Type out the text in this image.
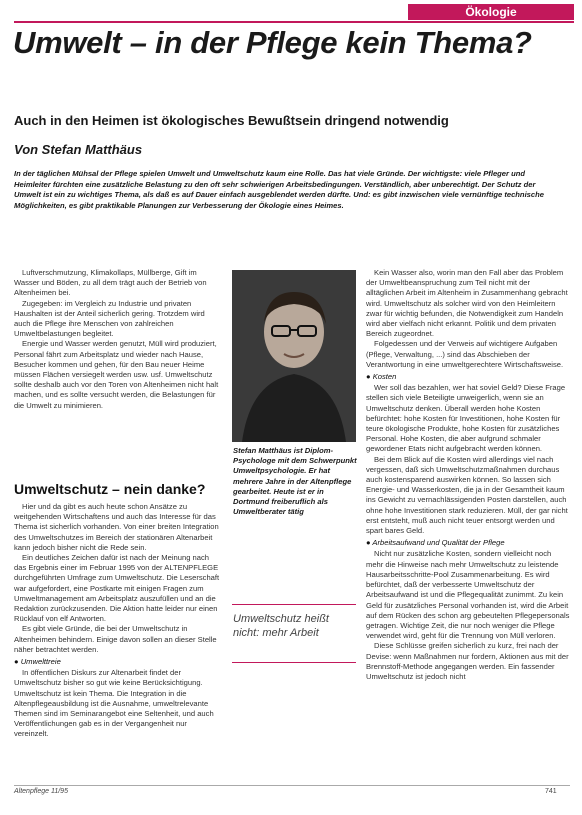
Ökologie
Umwelt – in der Pflege kein Thema?

Auch in den Heimen ist ökologisches Bewußtsein dringend notwendig

Von Stefan Matthäus

In der täglichen Mühsal der Pflege spielen Umwelt und Umweltschutz kaum eine Rolle. Das hat viele Gründe. Der wichtigste: viele Pfleger und Heimleiter fürchten eine zusätzliche Belastung zu den oft sehr schwierigen Arbeitsbedingungen. Verständlich, aber unberechtigt. Der Schutz der Umwelt ist ein zu wichtiges Thema, als daß es auf Dauer einfach ausgeblendet werden dürfte. Und: es gibt inzwischen viele vernünftige technische Möglichkeiten, es gibt praktikable Planungen zur Verbesserung der Ökologie eines Heimes.

Luftverschmutzung, Klimakollaps, Müllberge, Gift im Wasser und Böden, zu all dem trägt auch der Betrieb von Altenheimen bei.

Zugegeben: im Vergleich zu Industrie und privaten Haushalten ist der Anteil sicherlich gering. Trotzdem wird auch die Pflege ihre Menschen von zahlreichen Umweltbelastungen begleitet.

Energie und Wasser werden genutzt, Müll wird produziert, Personal fährt zum Arbeitsplatz und wieder nach Hause, Besucher kommen und gehen, für den Bau neuer Heime müssen Flächen versiegelt werden usw. usf. Umweltschutz sollte deshalb auch vor den Toren von Altenheimen nicht halt machen, und es sollte versucht werden, die Belastungen für die Umwelt zu minimieren.

Umweltschutz – nein danke?

Hier und da gibt es auch heute schon Ansätze zu weitgehenden Wirtschaftens und auch das Interesse für das Thema ist sicherlich vorhanden. Von einer breiten Integration des Umweltschutzes im Bereich der stationären Altenarbeit kann jedoch bisher nicht die Rede sein.

Ein deutliches Zeichen dafür ist nach der Meinung nach das Ergebnis einer im Februar 1995 von der ALTENPFLEGE durchgeführten Umfrage zum Umweltschutz. Die Leserschaft war aufgefordert, eine Postkarte mit einigen Fragen zum Umweltmanagement am Arbeitsplatz auszufüllen und an die Redaktion zurückzusenden. Die Aktion hatte leider nur einen Rücklauf von elf Antworten.

Es gibt viele Gründe, die bei der Umweltschutz in Altenheimen behindern. Einige davon sollen an dieser Stelle näher betrachtet werden.

● Umwelttreie

In öffentlichen Diskurs zur Altenarbeit findet der Umweltschutz bisher so gut wie keine Berücksichtigung. Umweltschutz ist kein Thema. Die Integration in die Altenpflegeausbildung ist die Ausnahme, umweltrelevante Themen sind im Seminarangebot eine Seltenheit, und auch Veröffentlichungen gab es in der Vergangenheit nur vereinzelt.

Stefan Matthäus ist Diplom-Psychologe mit dem Schwerpunkt Umweltpsychologie. Er hat mehrere Jahre in der Altenpflege gearbeitet. Heute ist er in Dortmund freiberuflich als Umweltberater tätig

Umweltschutz heißt nicht: mehr Arbeit

Kein Wasser also, worin man den Fall aber das Problem der Umweltbeanspruchung zum Teil nicht mit der alltäglichen Arbeit im Altenheim in Zusammenhang gebracht wird. Umweltschutz als solcher wird von den Heimleitern zwar für wichtig befunden, die Notwendigkeit zum Handeln wird aber vielfach nicht erkannt. Politik und dem privaten Bereich zugeordnet.

Folgedessen und der Verweis auf wichtigere Aufgaben (Pflege, Verwaltung, ...) sind das Abschieben der Verantwortung in eine umweltgerechtere Wirtschaftsweise.

● Kosten

Wer soll das bezahlen, wer hat soviel Geld? Diese Frage stellen sich viele Beteiligte unweigerlich, wenn sie an Umweltschutz denken. Überall werden hohe Kosten befürchtet: hohe Kosten für Investitionen, hohe Kosten für teure ökologische Produkte, hohe Kosten für zusätzliches Personal. Hohe Kosten, die aber aufgrund schmaler gewordener Etats nicht aufgebracht werden können.

Bei dem Blick auf die Kosten wird allerdings viel nach vergessen, daß sich Umweltschutzmaßnahmen durchaus auch kostensparend auswirken können. So lassen sich Energie- und Wasserkosten, die ja in der Gesamtheit kaum ins Gewicht zu vernachlässigenden Posten darstellen, auch ohne hohe Investitionen stark reduzieren. Müll, der gar nicht erst entsteht, muß auch nicht teuer entsorgt werden und spart bares Geld.

● Arbeitsaufwand und Qualität der Pflege

Nicht nur zusätzliche Kosten, sondern vielleicht noch mehr die Hinweise nach mehr Umweltschutz zu leistende Hausarbeitsschritte-Pool Zusammenarbeitung. Es wird befürchtet, daß der verbesserte Umweltschutz der Arbeitsaufwand ist und die Pflegequalität zunimmt. Zu kein Geld für zusätzliches Personal vorhanden ist, wird die Arbeit auf dem Rücken des schon arg gebeutelten Pflegepersonals getragen. Wichtige Zeit, die nur noch weniger die Pflege verwendet wird, geht für die Trennung von Müll verloren.

Diese Schlüsse greifen sicherlich zu kurz, frei nach der Devise: wenn Maßnahmen nur fordern, Aktionen aus mit der Brennstoff-Methode angegangen werden. Ein fassender Umweltschutz ist jedoch nicht

Altenpflege 11/95	741
